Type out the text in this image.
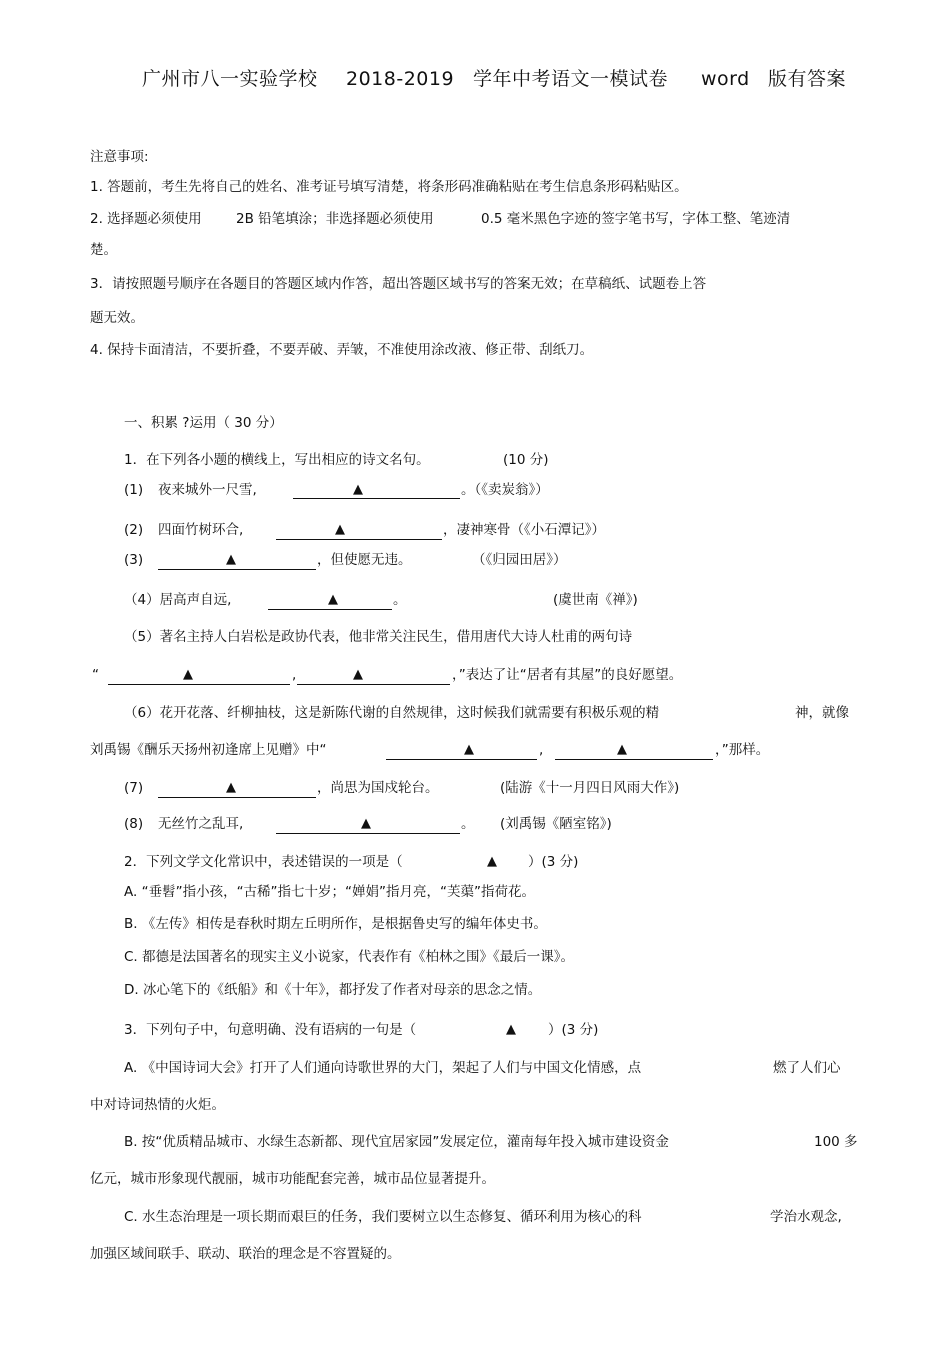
广州市八一实验学校 2018-2019 学年中考语文一模试卷 word 版有答案
注意事项:
1. 答题前，考生先将自己的姓名、准考证号填写清楚，将条形码准确粘贴在考生信息条形码粘贴区。
2. 选择题必须使用	2B 铅笔填涂；非选择题必须使用	0.5 毫米黑色字迹的签字笔书写，字体工整、笔迹清
楚。
3．请按照题号顺序在各题目的答题区域内作答，超出答题区域书写的答案无效；在草稿纸、试题卷上答
题无效。
4. 保持卡面清洁，不要折叠，不要弄破、弄皱，不准使用涂改液、修正带、刮纸刀。
一、积累 ?运用（ 30 分）
1．在下列各小题的横线上，写出相应的诗文名句。	(10 分)
(1) 夜来城外一尺雪,	▲	。（《卖炭翁》）
(2) 四面竹树环合,	▲	，凄神寒骨（《小石潭记》）
(3)	▲	，但使愿无违。	（《归园田居》）
（4）居高声自远,	▲	。	(虞世南《禅》)
（5）著名主持人白岩松是政协代表，他非常关注民生，借用唐代大诗人杜甫的两句诗
“	▲	,	▲	，”表达了让“居者有其屋”的良好愿望。
（6）花开花落、纤柳抽枝，这是新陈代谢的自然规律，这时候我们就需要有积极乐观的精	神，就像
刘禹锡《酬乐天扬州初逢席上见赠》中“	▲	,	▲	，”那样。
(7)	▲	，尚思为国戍轮台。	(陆游《十一月四日风雨大作》)
(8) 无丝竹之乱耳,	▲	。 (刘禹锡《陋室铭》)
2．下列文学文化常识中，表述错误的一项是（	▲ ）(3 分)
A. “垂髫”指小孩，“古稀”指七十岁；“婵娟”指月亮，“芙蕖”指荷花。
B. 《左传》相传是春秋时期左丘明所作，是根据鲁史写的编年体史书。
C. 都德是法国著名的现实主义小说家，代表作有《柏林之围》《最后一课》。
D. 冰心笔下的《纸船》和《十年》，都抒发了作者对母亲的思念之情。
3．下列句子中，句意明确、没有语病的一句是（	▲ ）(3 分)
A. 《中国诗词大会》打开了人们通向诗歌世界的大门，架起了人们与中国文化情感，点	燃了人们心
中对诗词热情的火炬。
B. 按“优质精品城市、水绿生态新都、现代宜居家园”发展定位，灌南每年投入城市建设资金	100 多
亿元，城市形象现代靓丽，城市功能配套完善，城市品位显著提升。
C. 水生态治理是一项长期而艰巨的任务，我们要树立以生态修复、循环利用为核心的科	学治水观念,
加强区域间联手、联动、联治的理念是不容置疑的。
